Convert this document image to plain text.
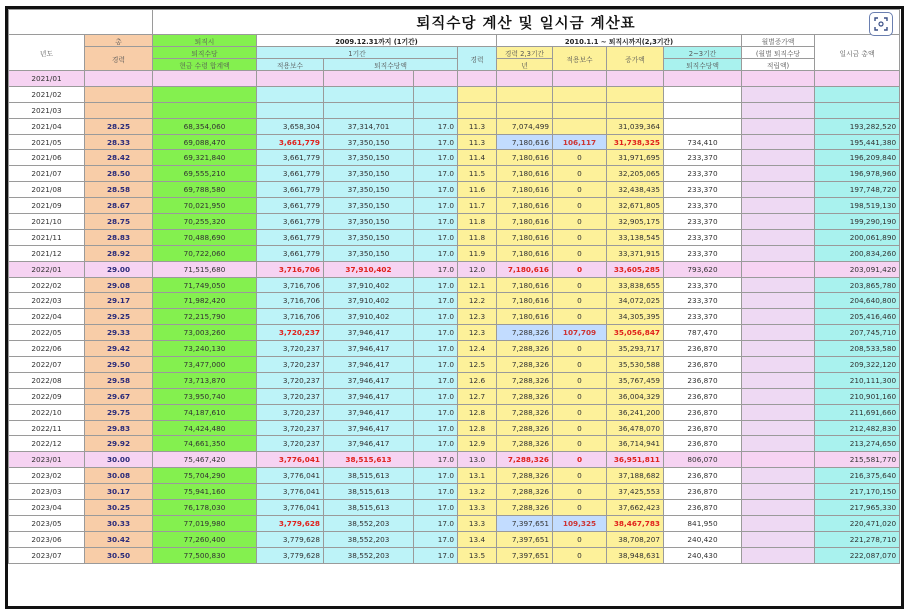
		퇴직수당 계산 및 일시금 계산표										
년도	총	퇴직시	2009.12.31까지 (1기간)				2010.1.1 ~ 퇴직시까지(2,3기간)				월별증가액	일시금 총액
	경력	퇴직수당	1기간			경력	경력 2,3기간	적용보수	증가액	2~3기간	(월별 퇴직수당	
		현금 수령 합계액	적용보수	퇴직수당액			년			퇴직수당액	적립액)	
2021/01												
2021/02												
2021/03												
2021/04	28.25	68,354,060	3,658,304	37,314,701	17.0	11.3	7,074,499		31,039,364			193,282,520
2021/05	28.33	69,088,470	3,661,779	37,350,150	17.0	11.3	7,180,616	106,117	31,738,325	734,410		195,441,380
2021/06	28.42	69,321,840	3,661,779	37,350,150	17.0	11.4	7,180,616	0	31,971,695	233,370		196,209,840
2021/07	28.50	69,555,210	3,661,779	37,350,150	17.0	11.5	7,180,616	0	32,205,065	233,370		196,978,960
2021/08	28.58	69,788,580	3,661,779	37,350,150	17.0	11.6	7,180,616	0	32,438,435	233,370		197,748,720
2021/09	28.67	70,021,950	3,661,779	37,350,150	17.0	11.7	7,180,616	0	32,671,805	233,370		198,519,130
2021/10	28.75	70,255,320	3,661,779	37,350,150	17.0	11.8	7,180,616	0	32,905,175	233,370		199,290,190
2021/11	28.83	70,488,690	3,661,779	37,350,150	17.0	11.8	7,180,616	0	33,138,545	233,370		200,061,890
2021/12	28.92	70,722,060	3,661,779	37,350,150	17.0	11.9	7,180,616	0	33,371,915	233,370		200,834,260
2022/01	29.00	71,515,680	3,716,706	37,910,402	17.0	12.0	7,180,616	0	33,605,285	793,620		203,091,420
2022/02	29.08	71,749,050	3,716,706	37,910,402	17.0	12.1	7,180,616	0	33,838,655	233,370		203,865,780
2022/03	29.17	71,982,420	3,716,706	37,910,402	17.0	12.2	7,180,616	0	34,072,025	233,370		204,640,800
2022/04	29.25	72,215,790	3,716,706	37,910,402	17.0	12.3	7,180,616	0	34,305,395	233,370		205,416,460
2022/05	29.33	73,003,260	3,720,237	37,946,417	17.0	12.3	7,288,326	107,709	35,056,847	787,470		207,745,710
2022/06	29.42	73,240,130	3,720,237	37,946,417	17.0	12.4	7,288,326	0	35,293,717	236,870		208,533,580
2022/07	29.50	73,477,000	3,720,237	37,946,417	17.0	12.5	7,288,326	0	35,530,588	236,870		209,322,120
2022/08	29.58	73,713,870	3,720,237	37,946,417	17.0	12.6	7,288,326	0	35,767,459	236,870		210,111,300
2022/09	29.67	73,950,740	3,720,237	37,946,417	17.0	12.7	7,288,326	0	36,004,329	236,870		210,901,160
2022/10	29.75	74,187,610	3,720,237	37,946,417	17.0	12.8	7,288,326	0	36,241,200	236,870		211,691,660
2022/11	29.83	74,424,480	3,720,237	37,946,417	17.0	12.8	7,288,326	0	36,478,070	236,870		212,482,830
2022/12	29.92	74,661,350	3,720,237	37,946,417	17.0	12.9	7,288,326	0	36,714,941	236,870		213,274,650
2023/01	30.00	75,467,420	3,776,041	38,515,613	17.0	13.0	7,288,326	0	36,951,811	806,070		215,581,770
2023/02	30.08	75,704,290	3,776,041	38,515,613	17.0	13.1	7,288,326	0	37,188,682	236,870		216,375,640
2023/03	30.17	75,941,160	3,776,041	38,515,613	17.0	13.2	7,288,326	0	37,425,553	236,870		217,170,150
2023/04	30.25	76,178,030	3,776,041	38,515,613	17.0	13.3	7,288,326	0	37,662,423	236,870		217,965,330
2023/05	30.33	77,019,980	3,779,628	38,552,203	17.0	13.3	7,397,651	109,325	38,467,783	841,950		220,471,020
2023/06	30.42	77,260,400	3,779,628	38,552,203	17.0	13.4	7,397,651	0	38,708,207	240,420		221,278,710
2023/07	30.50	77,500,830	3,779,628	38,552,203	17.0	13.5	7,397,651	0	38,948,631	240,430		222,087,070
